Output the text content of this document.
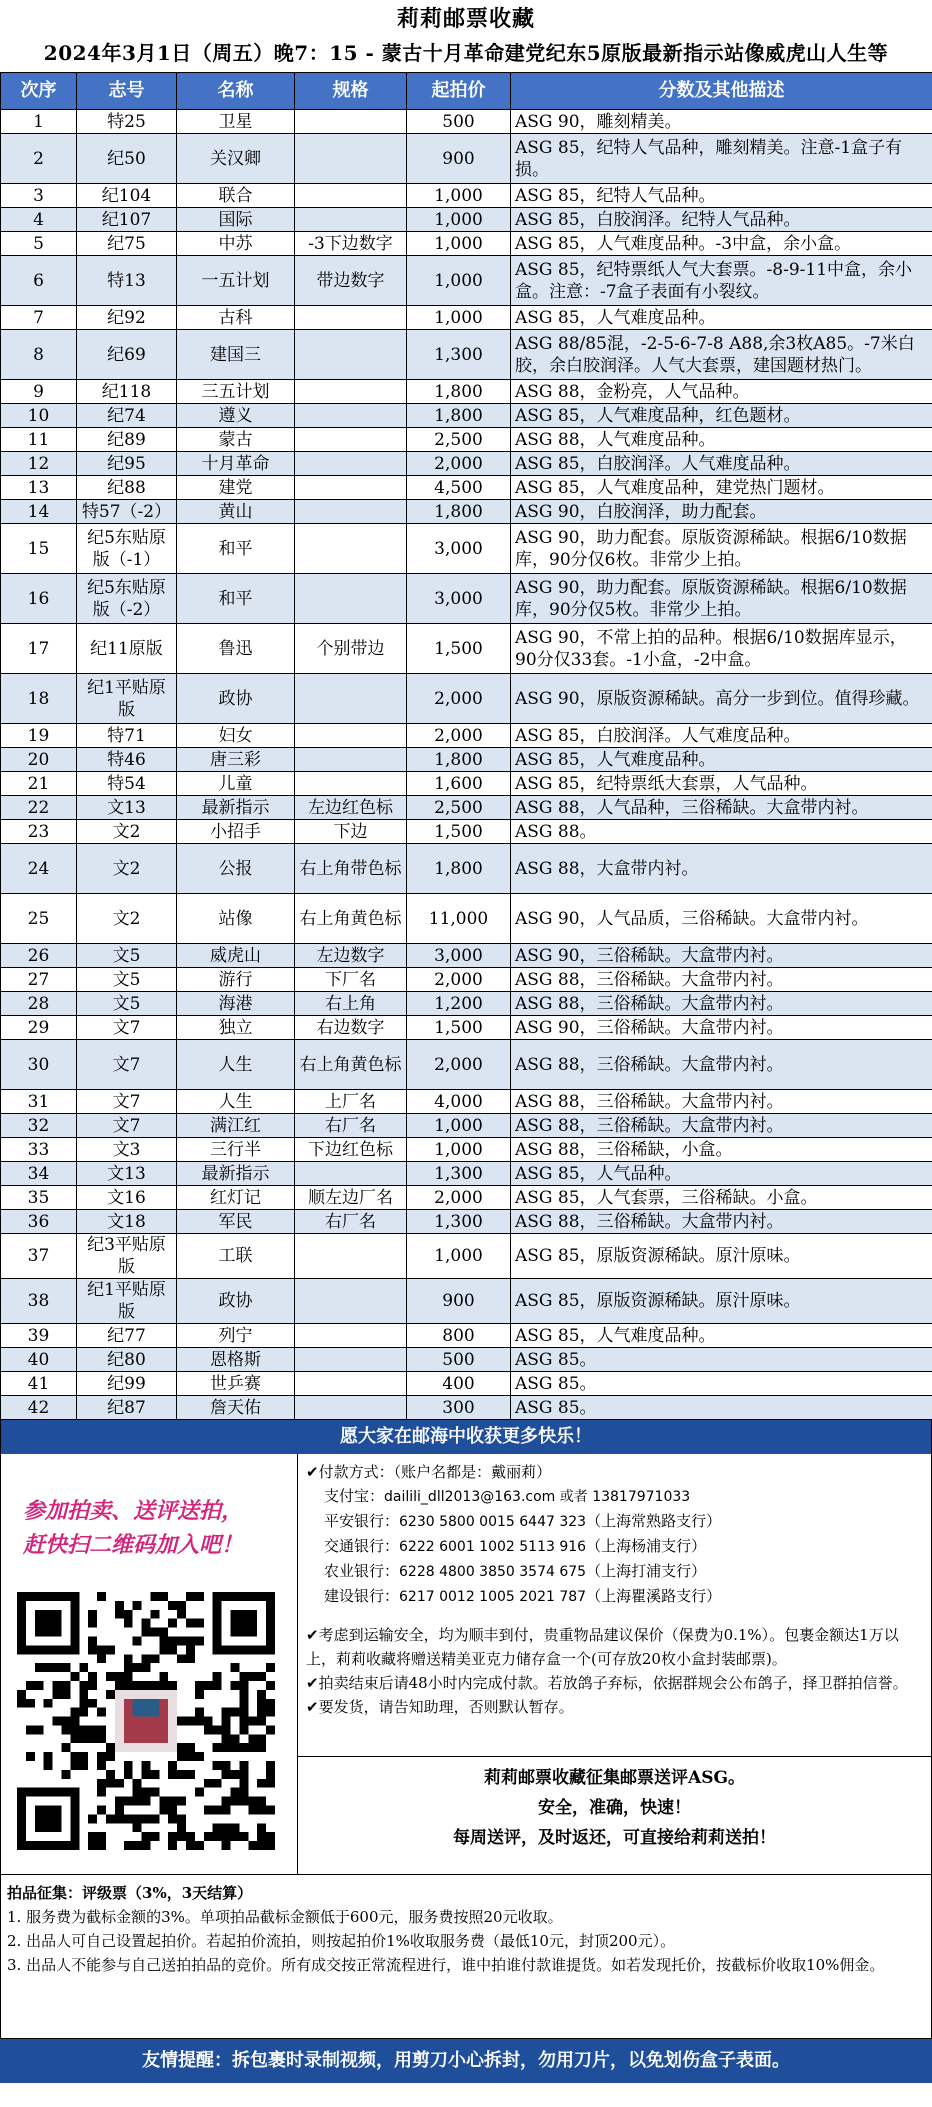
莉莉邮票收藏
2024年3月1日（周五）晚7：15 - 蒙古十月革命建党纪东5原版最新指示站像威虎山人生等
次序	志号	名称	规格	起拍价	分数及其他描述
1	特25	卫星		500	ASG 90，雕刻精美。
2	纪50	关汉卿		900	ASG 85，纪特人气品种，雕刻精美。注意-1盒子有损。
3	纪104	联合		1,000	ASG 85，纪特人气品种。
4	纪107	国际		1,000	ASG 85，白胶润泽。纪特人气品种。
5	纪75	中苏	-3下边数字	1,000	ASG 85，人气难度品种。-3中盒，余小盒。
6	特13	一五计划	带边数字	1,000	ASG 85，纪特票纸人气大套票。-8-9-11中盒，余小盒。注意：-7盒子表面有小裂纹。
7	纪92	古科		1,000	ASG 85，人气难度品种。
8	纪69	建国三		1,300	ASG 88/85混，-2-5-6-7-8 A88,余3枚A85。-7米白胶，余白胶润泽。人气大套票，建国题材热门。
9	纪118	三五计划		1,800	ASG 88，金粉亮，人气品种。
10	纪74	遵义		1,800	ASG 85，人气难度品种，红色题材。
11	纪89	蒙古		2,500	ASG 88，人气难度品种。
12	纪95	十月革命		2,000	ASG 85，白胶润泽。人气难度品种。
13	纪88	建党		4,500	ASG 85，人气难度品种，建党热门题材。
14	特57（-2）	黄山		1,800	ASG 90，白胶润泽，助力配套。
15	纪5东贴原版（-1）	和平		3,000	ASG 90，助力配套。原版资源稀缺。根据6/10数据库，90分仅6枚。非常少上拍。
16	纪5东贴原版（-2）	和平		3,000	ASG 90，助力配套。原版资源稀缺。根据6/10数据库，90分仅5枚。非常少上拍。
17	纪11原版	鲁迅	个别带边	1,500	ASG 90，不常上拍的品种。根据6/10数据库显示，90分仅33套。-1小盒，-2中盒。
18	纪1平贴原版	政协		2,000	ASG 90，原版资源稀缺。高分一步到位。值得珍藏。
19	特71	妇女		2,000	ASG 85，白胶润泽。人气难度品种。
20	特46	唐三彩		1,800	ASG 85，人气难度品种。
21	特54	儿童		1,600	ASG 85，纪特票纸大套票，人气品种。
22	文13	最新指示	左边红色标	2,500	ASG 88，人气品种，三俗稀缺。大盒带内衬。
23	文2	小招手	下边	1,500	ASG 88。
24	文2	公报	右上角带色标	1,800	ASG 88，大盒带内衬。
25	文2	站像	右上角黄色标	11,000	ASG 90，人气品质，三俗稀缺。大盒带内衬。
26	文5	威虎山	左边数字	3,000	ASG 90，三俗稀缺。大盒带内衬。
27	文5	游行	下厂名	2,000	ASG 88，三俗稀缺。大盒带内衬。
28	文5	海港	右上角	1,200	ASG 88，三俗稀缺。大盒带内衬。
29	文7	独立	右边数字	1,500	ASG 90，三俗稀缺。大盒带内衬。
30	文7	人生	右上角黄色标	2,000	ASG 88，三俗稀缺。大盒带内衬。
31	文7	人生	上厂名	4,000	ASG 88，三俗稀缺。大盒带内衬。
32	文7	满江红	右厂名	1,000	ASG 88，三俗稀缺。大盒带内衬。
33	文3	三行半	下边红色标	1,000	ASG 88，三俗稀缺，小盒。
34	文13	最新指示		1,300	ASG 85，人气品种。
35	文16	红灯记	顺左边厂名	2,000	ASG 85，人气套票，三俗稀缺。小盒。
36	文18	军民	右厂名	1,300	ASG 88，三俗稀缺。大盒带内衬。
37	纪3平贴原版	工联		1,000	ASG 85，原版资源稀缺。原汁原味。
38	纪1平贴原版	政协		900	ASG 85，原版资源稀缺。原汁原味。
39	纪77	列宁		800	ASG 85，人气难度品种。
40	纪80	恩格斯		500	ASG 85。
41	纪99	世乒赛		400	ASG 85。
42	纪87	詹天佑		300	ASG 85。
愿大家在邮海中收获更多快乐！
参加拍卖、送评送拍，
赶快扫二维码加入吧！

✔付款方式：（账户名都是：戴丽莉）

支付宝：dailili_dll2013@163.com 或者 13817971033

平安银行：6230 5800 0015 6447 323（上海常熟路支行）

交通银行：6222 6001 1002 5113 916（上海杨浦支行）

农业银行：6228 4800 3850 3574 675（上海打浦支行）

建设银行：6217 0012 1005 2021 787（上海瞿溪路支行）

✔考虑到运输安全，均为顺丰到付，贵重物品建议保价（保费为0.1%）。包裹金额达1万以上，莉莉收藏将赠送精美亚克力储存盒一个(可存放20枚小盒封装邮票)。

✔拍卖结束后请48小时内完成付款。若放鸽子弃标，依据群规会公布鸽子，择卫群拍信誉。

✔要发货，请告知助理，否则默认暂存。

莉莉邮票收藏征集邮票送评ASG。
安全，准确，快速！
每周送评，及时返还，可直接给莉莉送拍！

拍品征集：评级票（3%，3天结算）

1. 服务费为截标金额的3%。单项拍品截标金额低于600元，服务费按照20元收取。

2. 出品人可自己设置起拍价。若起拍价流拍，则按起拍价1%收取服务费（最低10元，封顶200元）。

3. 出品人不能参与自己送拍拍品的竞价。所有成交按正常流程进行，谁中拍谁付款谁提货。如若发现托价，按截标价收取10%佣金。

友情提醒：拆包裹时录制视频，用剪刀小心拆封，勿用刀片，以免划伤盒子表面。
